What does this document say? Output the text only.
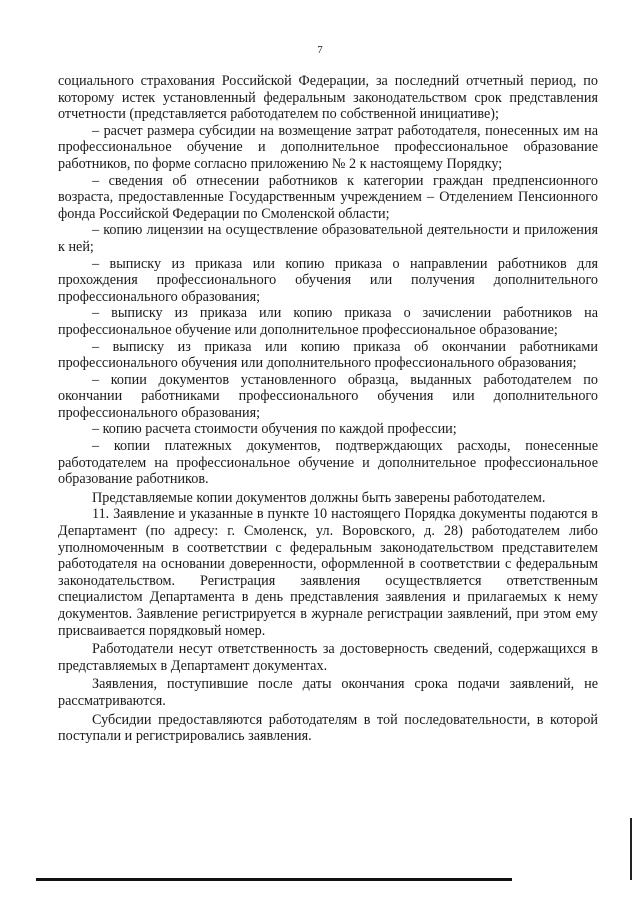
7

социального страхования Российской Федерации, за последний отчетный период, по которому истек установленный федеральным законодательством срок представления отчетности (представляется работодателем по собственной инициативе);

– расчет размера субсидии на возмещение затрат работодателя, понесенных им на профессиональное обучение и дополнительное профессиональное образование работников, по форме согласно приложению № 2 к настоящему Порядку;

– сведения об отнесении работников к категории граждан предпенсионного возраста, предоставленные Государственным учреждением – Отделением Пенсионного фонда Российской Федерации по Смоленской области;

– копию лицензии на осуществление образовательной деятельности и приложения к ней;

– выписку из приказа или копию приказа о направлении работников для прохождения профессионального обучения или получения дополнительного профессионального образования;

– выписку из приказа или копию приказа о зачислении работников на профессиональное обучение или дополнительное профессиональное образование;

– выписку из приказа или копию приказа об окончании работниками профессионального обучения или дополнительного профессионального образования;

– копии документов установленного образца, выданных работодателем по окончании работниками профессионального обучения или дополнительного профессионального образования;

– копию расчета стоимости обучения по каждой профессии;

– копии платежных документов, подтверждающих расходы, понесенные работодателем на профессиональное обучение и дополнительное профессиональное образование работников.

Представляемые копии документов должны быть заверены работодателем.

11. Заявление и указанные в пункте 10 настоящего Порядка документы подаются в Департамент (по адресу: г. Смоленск, ул. Воровского, д. 28) работодателем либо уполномоченным в соответствии с федеральным законодательством представителем работодателя на основании доверенности, оформленной в соответствии с федеральным законодательством. Регистрация заявления осуществляется ответственным специалистом Департамента в день представления заявления и прилагаемых к нему документов. Заявление регистрируется в журнале регистрации заявлений, при этом ему присваивается порядковый номер.

Работодатели несут ответственность за достоверность сведений, содержащихся в представляемых в Департамент документах.

Заявления, поступившие после даты окончания срока подачи заявлений, не рассматриваются.

Субсидии предоставляются работодателям в той последовательности, в которой поступали и регистрировались заявления.
